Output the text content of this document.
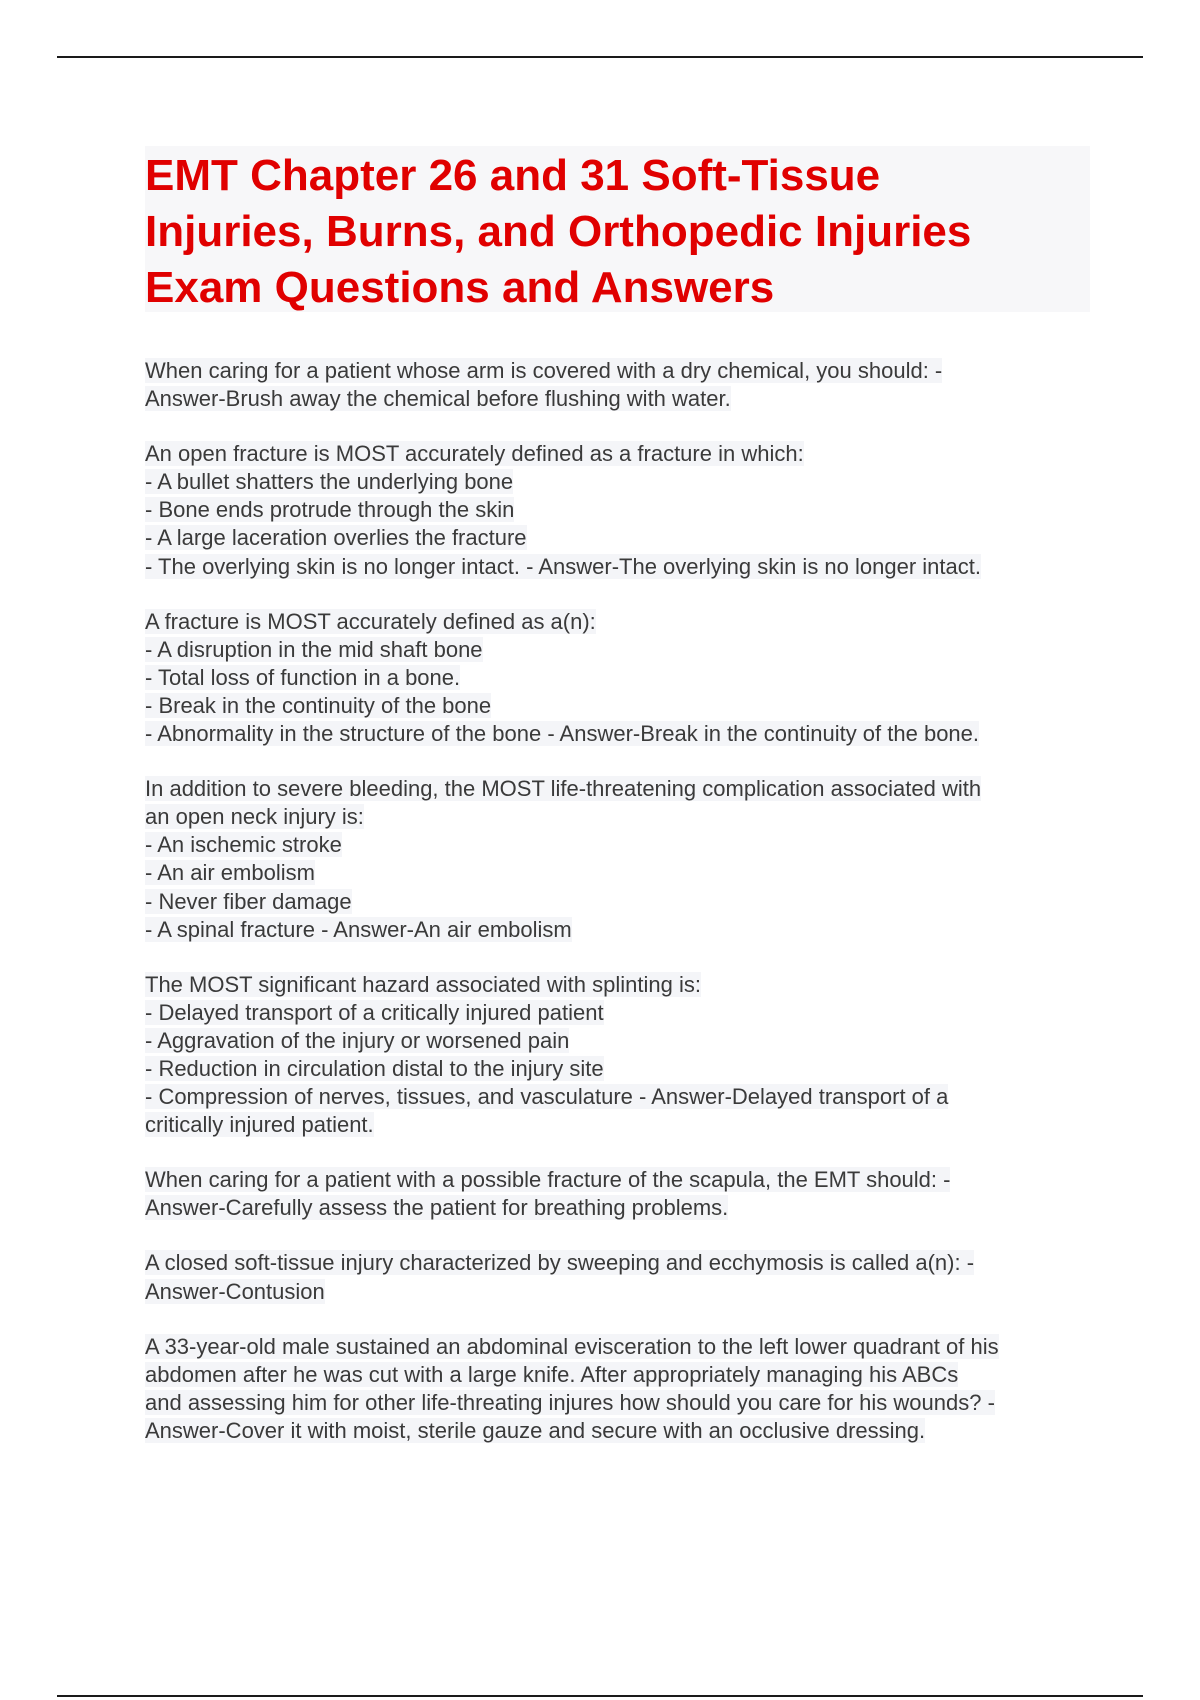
EMT Chapter 26 and 31 Soft-Tissue
Injuries, Burns, and Orthopedic Injuries
Exam Questions and Answers
When caring for a patient whose arm is covered with a dry chemical, you should: -
Answer-Brush away the chemical before flushing with water.
An open fracture is MOST accurately defined as a fracture in which:
- A bullet shatters the underlying bone
- Bone ends protrude through the skin
- A large laceration overlies the fracture
- The overlying skin is no longer intact. - Answer-The overlying skin is no longer intact.
A fracture is MOST accurately defined as a(n):
- A disruption in the mid shaft bone
- Total loss of function in a bone.
- Break in the continuity of the bone
- Abnormality in the structure of the bone - Answer-Break in the continuity of the bone.
In addition to severe bleeding, the MOST life-threatening complication associated with
an open neck injury is:
- An ischemic stroke
- An air embolism
- Never fiber damage
- A spinal fracture - Answer-An air embolism
The MOST significant hazard associated with splinting is:
- Delayed transport of a critically injured patient
- Aggravation of the injury or worsened pain
- Reduction in circulation distal to the injury site
- Compression of nerves, tissues, and vasculature - Answer-Delayed transport of a
critically injured patient.
When caring for a patient with a possible fracture of the scapula, the EMT should: -
Answer-Carefully assess the patient for breathing problems.
A closed soft-tissue injury characterized by sweeping and ecchymosis is called a(n): -
Answer-Contusion
A 33-year-old male sustained an abdominal evisceration to the left lower quadrant of his
abdomen after he was cut with a large knife. After appropriately managing his ABCs
and assessing him for other life-threating injures how should you care for his wounds? -
Answer-Cover it with moist, sterile gauze and secure with an occlusive dressing.
